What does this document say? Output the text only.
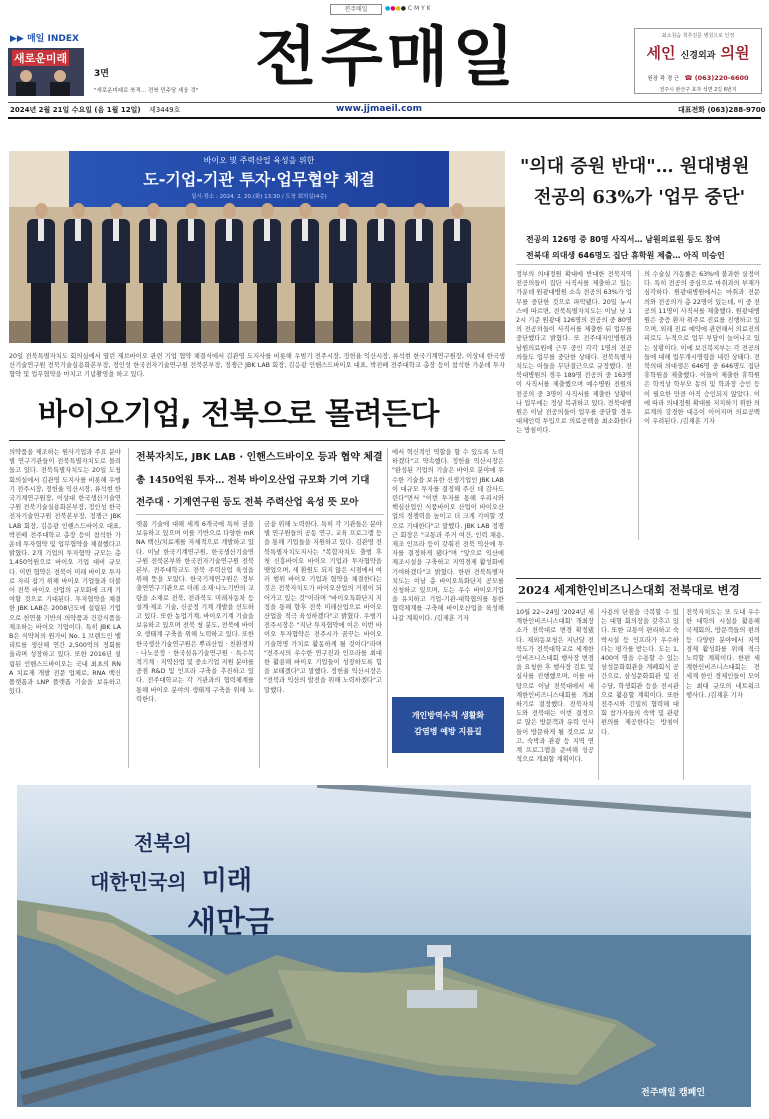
전주매일	●●●● C M Y K
▶▶ 매일 INDEX
새로운미래
3면
"새로운미래로 북적… 전북 민주당 세웅 것" 전주매일	최소침습 척추전문 병원으로 인정
세인 신경외과 의원
원장 곽 경 근 ☎ (063)220-6600
전주시 완산구 효자 석면 2길 6번지
2024년 2월 21일 수요일 (음 1월 12일) 제3449호	www.jjmaeil.com	대표전화 (063)288-9700
바이오 및 주력산업 육성을 위한
도-기업-기관 투자·업무협약 체결
일시·장소 : 2024. 2. 20.(화) 13:30 / 도청 회의실(4층)
20일 전북특별자치도 회의실에서 열린 제브바이오 관련 기업 협약 체결식에서 김관영 도지사를 비롯해 우범기 전주시장, 정헌율 익산시장, 류석현 한국기계연구원장, 이상대 한국생산기술연구원 전북기술실용화본부장, 정인성 한국전자기술연구원 전북본부장, 정쟁근 JBK LAB 회장, 김응광 인핸스드바이오 대표, 박진배 전주대학교 총장 등이 참석한 가운데 투자협약 및 업무협약을 마치고 기념촬영을 하고 있다.
바이오기업, 전북으로 몰려든다
의약품을 제조하는 원사기업과 주요 분야별 연구기관들이 전북특별자치도로 몰려들고 있다. 전북특별자치도는 20일 도청 회의실에서 김관영 도지사를 비롯해 우범기 전주시장, 정헌율 익산시장, 류석현 한국기계연구원장, 이상대 한국생산기술연구원 전북기술실용화본부장, 정인성 한국전자기술연구원 전북본부장, 정쟁근 JBK LAB 회장, 김응광 인핸스드바이오 대표, 박진배 전주대학교 총장 등이 참석한 가운데 투자협약 및 업무협약을 체결했다고 밝혔다. 2개 기업의 투자협약 규모는 총 1,450억원으로 바이오 기업 대비 규모다. 이번 협약은 전북이 미래 바이오 투자로 자리 잡기 위해 바이오 기업들과 더불어 전북 바이오 산업의 규모화에 크게 기여할 것으로 기대된다. 투자협약을 체결한 JBK LAB은 2008년도에 설립된 기업으로 천연물 기반의 의약품과 건강식품을 제조하는 바이오 기업이다. 특히 JBK LAB은 식약처의 원가비 No. 1 브랜드인 밸리트를 생산해 연간 2,500억의 정회를 올리며 성장하고 있다. 또한 2016년 설립된 인핸스드바이오는 국내 최초의 RNA 치료제 개발 전문 업체로, RNA 백신 플랫폼과 LNP 플랫폼 기술을 보유하고 있다.
전북자치도, JBK LAB · 인핸스드바이오 등과 협약 체결
총 1450억원 투자… 전북 바이오산업 규모화 기여 기대
전주대 · 기계연구원 등도 전북 주력산업 육성 뜻 모아
랫폼 기술에 대해 세계 6개국에 특허 권을 보유하고 있으며 이를 기반으로 다양한 mRNA 백신/치료제를 자체적으로 개발하고 있다. 이날 한국기계연구원, 한국생산기술연구원 전북본부와 한국전자기술연구원 전북본부, 전주대학교도 전북 주력산업 육성을 위해 뜻을 모았다. 한국기계연구원은 정부출연연구기관으로 미래 소재·나노기반의 교량을 소재로 전북, 전라북도 미래자동차 등 설계·제조 기술, 신공정 기계 개발을 선도하고 있다. 또한 농업기계, 바이오기계 기술을 보유하고 있으며 전북 청 분도, 전북에 바이오 생태계 구축을 위해 노력하고 있다. 또한 한국생산기술연구원은 뿌리산업 · 친환경차 · 나노공정 · 한국섬유기술연구원 · 특수목적기계 · 지역산업 및 중소기업 지원 분야를 중점 R&D 및 인프라 구축을 추진하고 있다. 전주대학교는 각 기관과의 협력체계를 통해 바이오 분야의 생태계 구축을 위해 노력한다.
금융 위해 노력한다. 특히 각 기관들은 분야별 연구원들의 공동 연구, 교육 프로그램 등을 통해 기업들을 지원하고 있다. 김관영 전북특별자치도지사는 "복합자치도 출범 후 첫 신흥바이오 바이오 기업과 투자협약을 맺었으며, 새 환원도 되지 않은 시점에서 여러 행위 바이오 기업과 협약을 체결한다는 것은 전북자치도가 바이오산업의 거점이 되어가고 있는 것"이라며 "바이오특화단지 지정을 통해 향후 전북 미래산업으로 바이오산업을 적극 육성하겠다"고 밝혔다. 우범기 전주시장은 "지난 투자협약에 이은 이번 바이오 투자협약은 전주시가 꿈꾸는 바이오 기술혁명 가치로 활동하게 될 것이다"라며 "전주시의 우수한 연구진과 인프라를 최대한 활용해 바이오 기업들이 성장하도록 힘을 보태겠다"고 말했다. 정헌율 익산시장은 "전북과 익산의 발전을 위해 노력하겠다"고 말했다.
에서 혁신적인 역할을 할 수 있도록 노력하겠다"고 약속했다. 정헌율 익산시장은 "완성된 기업의 기술은 바이오 분야에 우수한 기술을 보유한 신생기업인 JBK LAB이 대규모 투자를 결정해 주신 데 감사드린다"면서 "이번 투자를 통해 우리시와 핵심산업인 식품바이오 산업이 바이오산업의 경쟁력을 높이고 더 크게 기여할 것으로 기대한다"고 말했다. JBK LAB 정쟁근 회장은 "교통과 주거 여건, 인력 채용, 제조 인프라 등이 갖춰진 전북 익산에 투자를 결정하게 됐다"며 "앞으로 익산에 제조시설을 구축하고 지역경제 활성화에 기여하겠다"고 밝혔다. 한편 전북특별자치도는 이날 총 바이오특화단지 공모를 신청하고 있으며, 도는 우수 바이오기업을 유치하고 기업-기관-대학협의를 통한 협력체계를 구축해 바이오산업을 육성해 나갈 계획이다. /김재훈 기자
개인방역수칙 생활화
감염병 예방 지름길
"의대 증원 반대"… 원대병원
전공의 63%가 '업무 중단'
전공의 126명 중 80명 사직서… 남원의료원 등도 참여
전북대 의대생 646명도 집단 휴학원 제출… 아직 미승인
정부의 의대정원 확대에 반대한 전북지역 전공의들이 집단 사직서를 제출하고 있는 가운데 원광대병원 소속 전공의 63%가 업무를 중단한 것으로 파악됐다. 20일 뉴시스에 따르면, 전북특별자치도는 이날 낮 12시 기준 원광대 126명의 전공의 중 80명의 전공의들이 사직서를 제출한 뒤 업무를 중단했다고 밝혔다. 또 전주대자인병원과 남원의료원에 근무 중인 각각 1명의 전공의들도 업무를 중단한 상태다. 전북특별자치도는 이들을 무단결근으로 규정했다. 전북대병원의 경우 189명 전공의 중 163명이 사직서를 제출했으며 예수병원 전원의 전공의 중 3명이 사직서를 제출한 상황이나 업무에는 정상 복귀하고 있다. 전북대병원은 이날 전공의들이 업무를 중단할 경우 대체인력 투입으로 의료공백을 최소화한다는 방침이다.
의 수술실 가동률은 63%에 불과한 실정이다. 특히 전공의 중심으로 마취과의 부재가 심각하다. 원광대병원에서는 마취과 전문의와 전공의가 총 22명이 있는데, 이 중 전공의 11명이 사직서를 제출했다. 원광대병원은 중증 환자 위주로 진료를 진행하고 있으며, 외래 진료 예약에 관련해서 의료진의 피로도 누적으로 업무 부담이 늘어나고 있는 상황이다. 이에 보건복지부는 각 전공의들에 대해 업무개시명령을 내린 상태다. 전북의대 의대생은 646명 중 646명도 집단 휴학원을 제출했다. 이들이 제출한 휴학원은 학칙상 학부모 동의 및 학과장 승인 등이 필요한 만큼 아직 승인되지 않았다. 이에 따라 의대정원 확대를 저지하기 위한 의료계의 강경한 대응이 이어지며 의료공백이 우려된다. /김재훈 기자
2024 세계한인비즈니스대회 전북대로 변경
10월 22~24일 '2024년 세계한인비즈니스대회' 개최장소가 전북대로 변경 확정됐다. 재외동포청은 지난달 전북도가 전북대학교로 세계한인비즈니스대회 행사장 변경을 요청한 후 행사장 검토 및 실사를 진행했으며, 이를 바탕으로 이날 전북대에서 세계한인비즈니스대회를 개최하기로 결정했다. 전북자치도와 전북대는 이번 결정으로 많은 방문객과 유력 인사들이 방문하게 될 것으로 보고, 숙박과 관광 등 지역 연계 프로그램을 준비해 성공적으로 개최할 계획이다.
사용의 단점을 극복할 수 있는 대형 회의장을 갖추고 있다. 또한 교통이 편리하고 숙박시설 등 인프라가 우수하다는 평가를 받는다. 도는 1,400여 명을 수용할 수 있는 삼성문화회관을 개폐회식 공간으로, 삼성문화회관 및 진수당, 학생회관 등을 전시관으로 활용할 계획이다. 또한 전주시와 긴밀히 협력해 대회 참가자들의 숙박 및 관광 편의를 제공한다는 방침이다.
전북자치도는 또 도내 우수한 대학의 시설을 활용해 국제회의, 방문객들의 편의 등 다양한 분야에서 지역 경제 활성화를 위해 적극 노력할 계획이다. 한편 세계한인비즈니스대회는 전 세계 한인 경제인들이 모이는 최대 규모의 네트워크 행사다. /김재훈 기자
전북의
대한민국의 미래
새만금
전주매일 캠페인
